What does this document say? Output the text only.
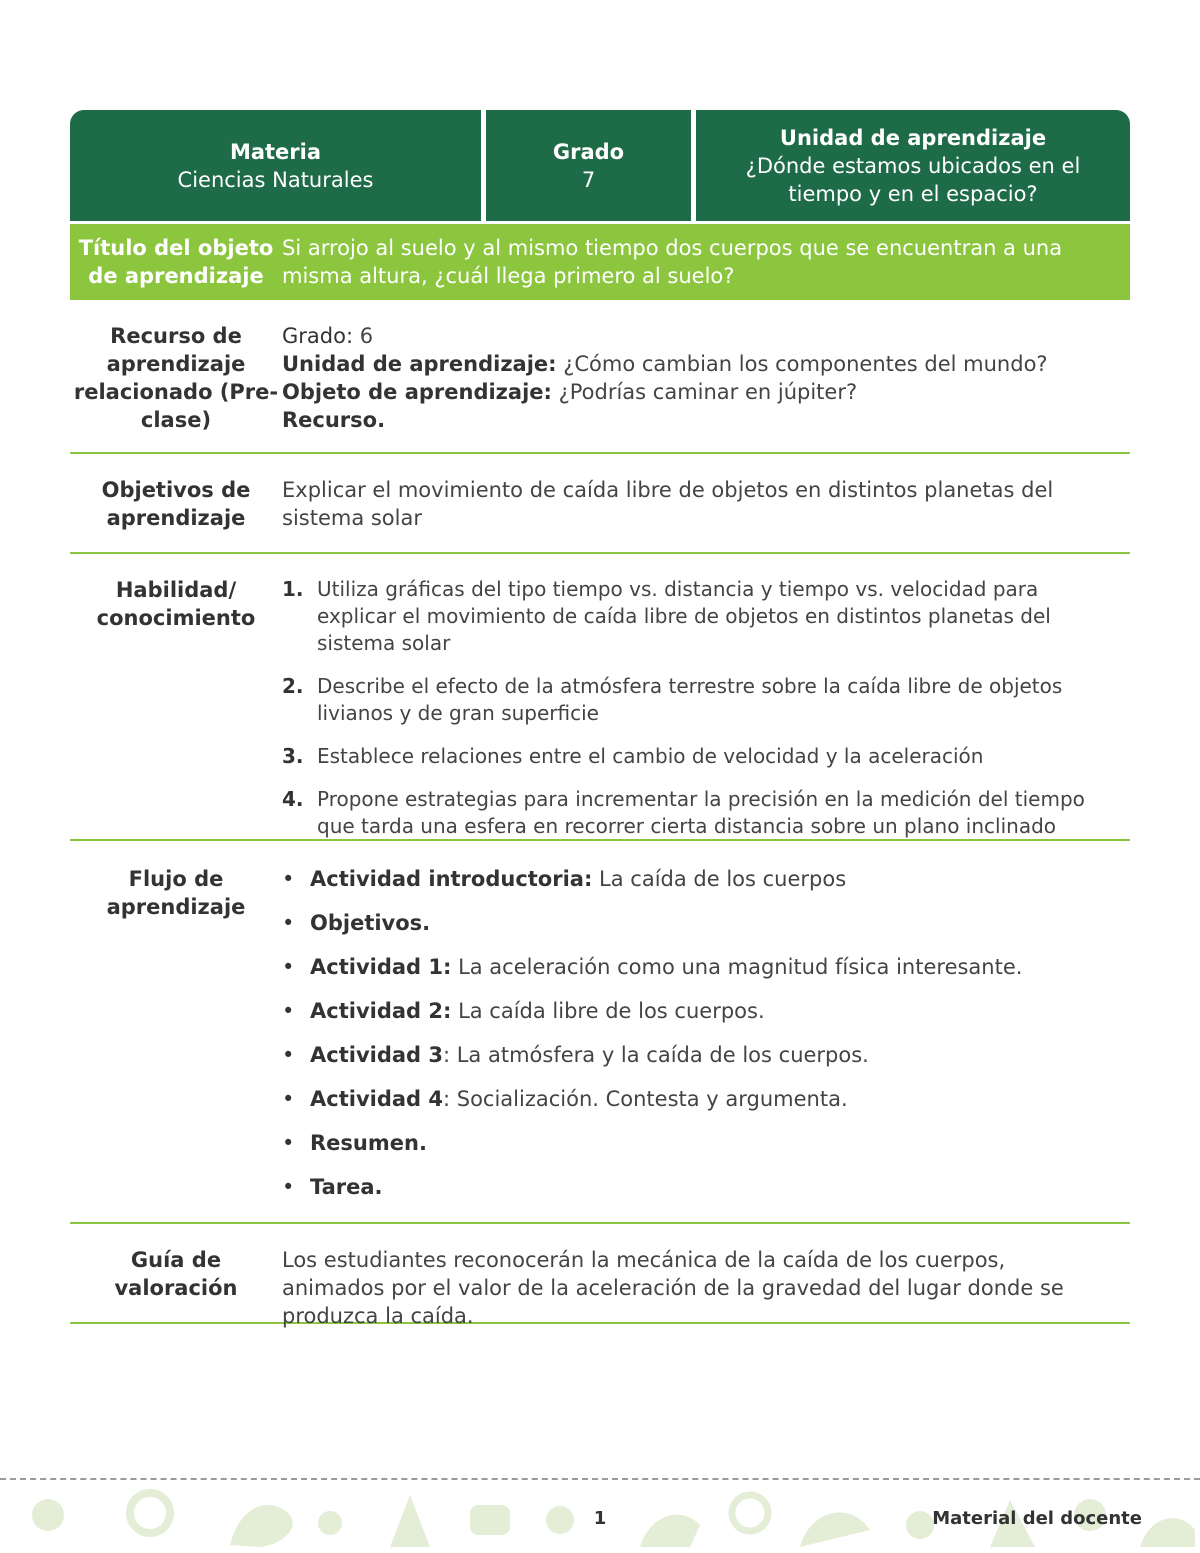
Materia
Ciencias Naturales
Grado
7
Unidad de aprendizaje
¿Dónde estamos ubicados en el tiempo y en el espacio?
Título del objeto de aprendizaje
Si arrojo al suelo y al mismo tiempo dos cuerpos que se encuentran a una misma altura, ¿cuál llega primero al suelo?
Recurso de aprendizaje relacionado (Pre-clase)
Grado: 6
Unidad de aprendizaje: ¿Cómo cambian los componentes del mundo?
Objeto de aprendizaje: ¿Podrías caminar en júpiter?
Recurso.
Objetivos de aprendizaje
Explicar el movimiento de caída libre de objetos en distintos planetas del sistema solar
Habilidad/ conocimiento
1. Utiliza gráficas del tipo tiempo vs. distancia y tiempo vs. velocidad para explicar el movimiento de caída libre de objetos en distintos planetas del sistema solar
2. Describe el efecto de la atmósfera terrestre sobre la caída libre de objetos livianos y de gran superficie
3. Establece relaciones entre el cambio de velocidad y la aceleración
4. Propone estrategias para incrementar la precisión en la medición del tiempo que tarda una esfera en recorrer cierta distancia sobre un plano inclinado
Flujo de aprendizaje
• Actividad introductoria: La caída de los cuerpos
• Objetivos.
• Actividad 1: La aceleración como una magnitud física interesante.
• Actividad 2: La caída libre de los cuerpos.
• Actividad 3: La atmósfera y la caída de los cuerpos.
• Actividad 4: Socialización. Contesta y argumenta.
• Resumen.
• Tarea.
Guía de valoración
Los estudiantes reconocerán la mecánica de la caída de los cuerpos, animados por el valor de la aceleración de la gravedad del lugar donde se produzca la caída.
1	Material del docente
